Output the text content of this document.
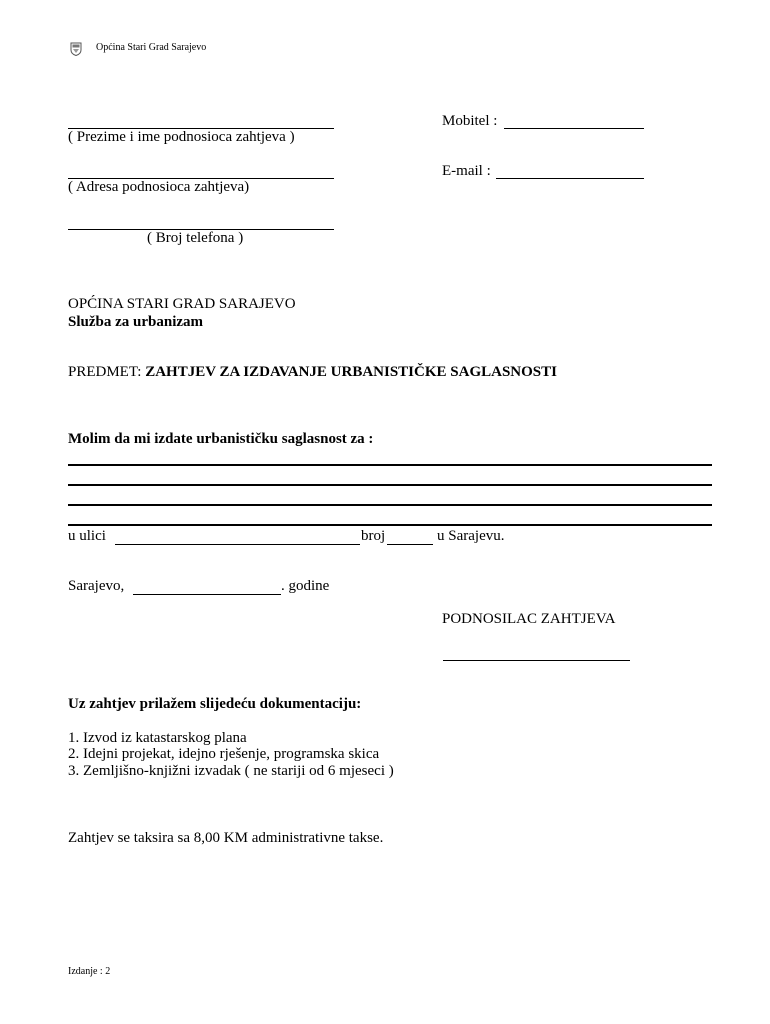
Općina Stari Grad Sarajevo
( Prezime i ime podnosioca zahtjeva )
( Adresa podnosioca zahtjeva)
( Broj telefona )
Mobitel :
E-mail :
OPĆINA STARI GRAD SARAJEVO
Služba za urbanizam
PREDMET: ZAHTJEV ZA IZDAVANJE URBANISTIČKE SAGLASNOSTI
Molim da mi izdate urbanističku saglasnost za :
u ulici	broj	u Sarajevu.
Sarajevo,	. godine
PODNOSILAC ZAHTJEVA
Uz zahtjev prilažem slijedeću dokumentaciju:
1. Izvod iz katastarskog plana
2. Idejni projekat, idejno rješenje, programska skica
3. Zemljišno-knjižni izvadak ( ne stariji od 6 mjeseci )
Zahtjev se taksira sa 8,00 KM administrativne takse.
Izdanje : 2
